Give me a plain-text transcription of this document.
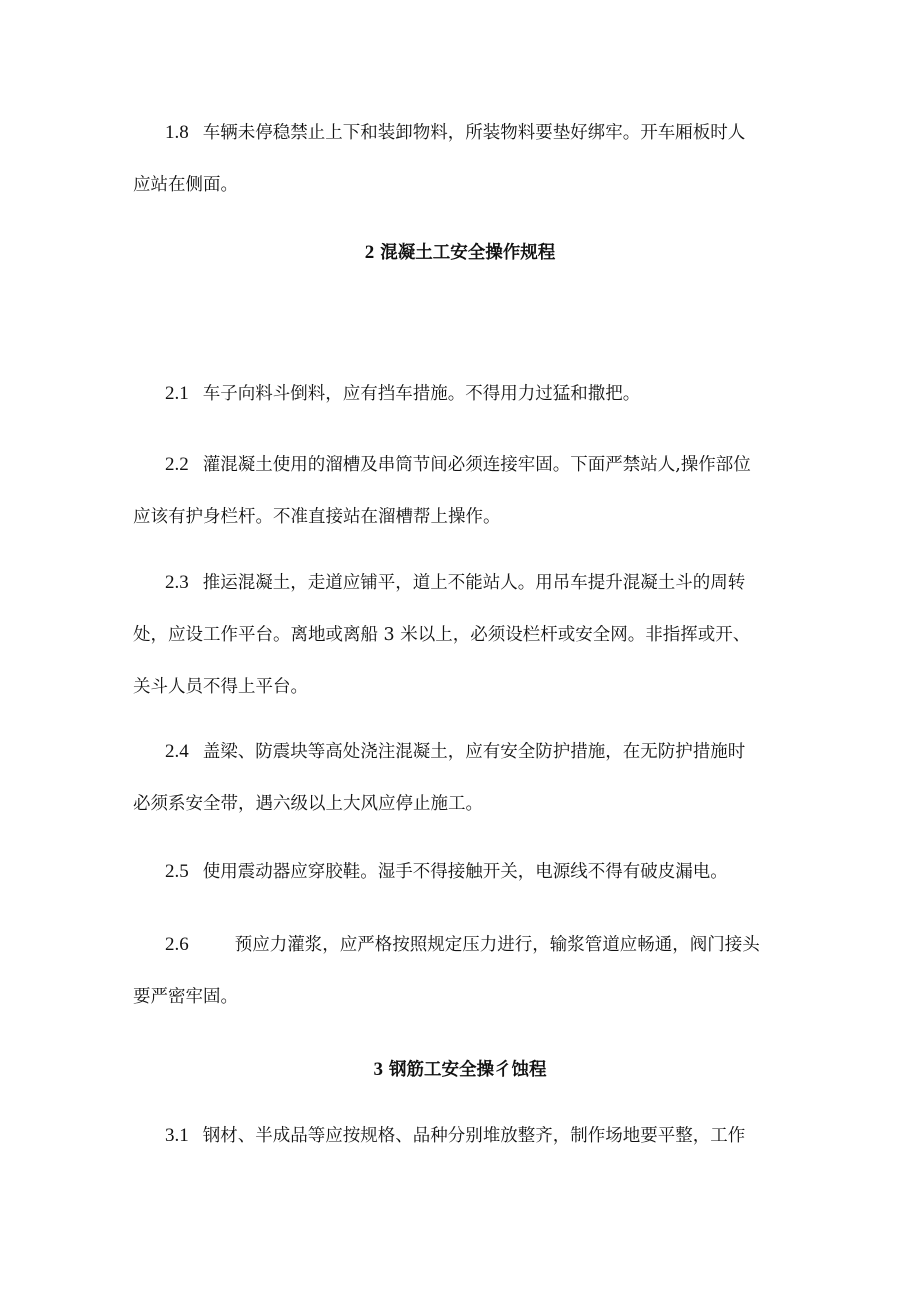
1.8 车辆未停稳禁止上下和装卸物料，所装物料要垫好绑牢。开车厢板时人
应站在侧面。

2 混凝土工安全操作规程

2.1 车子向料斗倒料，应有挡车措施。不得用力过猛和撒把。

2.2 灌混凝土使用的溜槽及串筒节间必须连接牢固。下面严禁站人,操作部位
应该有护身栏杆。不准直接站在溜槽帮上操作。

2.3 推运混凝土，走道应铺平，道上不能站人。用吊车提升混凝土斗的周转
处，应设工作平台。离地或离船 3 米以上，必须设栏杆或安全网。非指挥或开、
关斗人员不得上平台。

2.4 盖梁、防震块等高处浇注混凝土，应有安全防护措施，在无防护措施时
必须系安全带，遇六级以上大风应停止施工。

2.5 使用震动器应穿胶鞋。湿手不得接触开关，电源线不得有破皮漏电。

2.6	预应力灌浆，应严格按照规定压力进行，输浆管道应畅通，阀门接头
要严密牢固。

3 钢筋工安全操彳蚀程

3.1 钢材、半成品等应按规格、品种分别堆放整齐，制作场地要平整，工作
